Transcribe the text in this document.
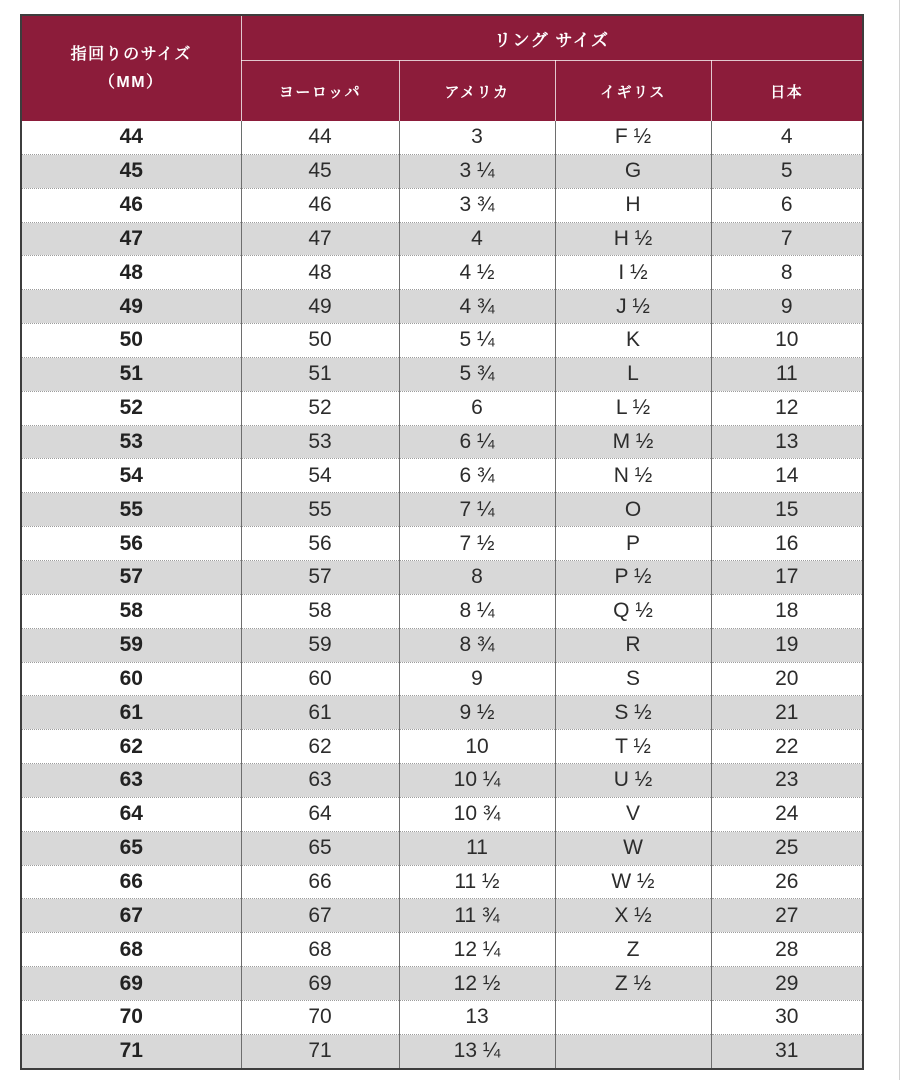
指回りのサイズ
（MM）	リング サイズ			
	ヨーロッパ	アメリカ	イギリス	日本
44	44	3	F ½	4
45	45	3 ¼	G	5
46	46	3 ¾	H	6
47	47	4	H ½	7
48	48	4 ½	I ½	8
49	49	4 ¾	J ½	9
50	50	5 ¼	K	10
51	51	5 ¾	L	11
52	52	6	L ½	12
53	53	6 ¼	M ½	13
54	54	6 ¾	N ½	14
55	55	7 ¼	O	15
56	56	7 ½	P	16
57	57	8	P ½	17
58	58	8 ¼	Q ½	18
59	59	8 ¾	R	19
60	60	9	S	20
61	61	9 ½	S ½	21
62	62	10	T ½	22
63	63	10 ¼	U ½	23
64	64	10 ¾	V	24
65	65	11	W	25
66	66	11 ½	W ½	26
67	67	11 ¾	X ½	27
68	68	12 ¼	Z	28
69	69	12 ½	Z ½	29
70	70	13		30
71	71	13 ¼		31
